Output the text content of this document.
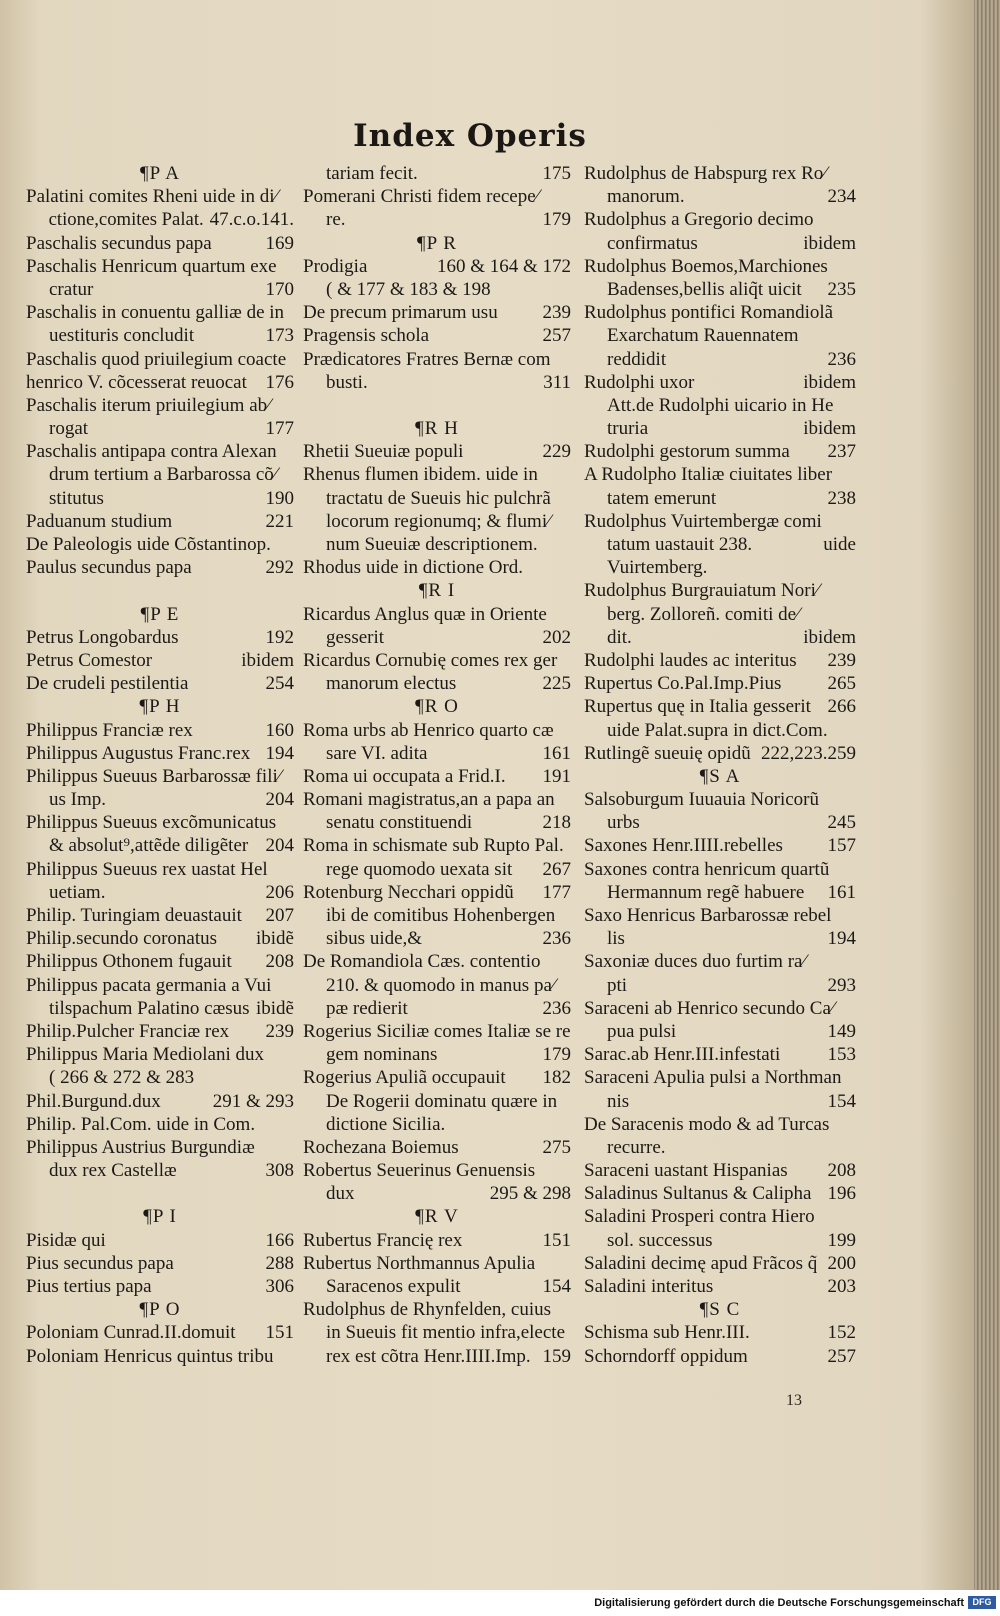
Index Operis
¶P A
Palatini comites Rheni uide in di⁄
ctione,comites Palat. 47.c.o.141.
Paschalis secundus papa	169
Paschalis Henricum quartum exe
cratur	170
Paschalis in conuentu galliæ de in
uestituris concludit	173
Paschalis quod priuilegium coacte
henrico V. cõcesserat reuocat 176
Paschalis iterum priuilegium ab⁄
rogat	177
Paschalis antipapa contra Alexan
drum tertium a Barbarossa cõ⁄
stitutus	190
Paduanum studium	221
De Paleologis uide Cõstantinop.
Paulus secundus papa	292
¶P E
Petrus Longobardus	192
Petrus Comestor	ibidem
De crudeli pestilentia	254
¶P H
Philippus Franciæ rex	160
Philippus Augustus Franc.rex 194
Philippus Sueuus Barbarossæ fili⁄
us Imp.	204
Philippus Sueuus excõmunicatus
& absolut⁹,attẽde diligẽter 204
Philippus Sueuus rex uastat Hel
uetiam.	206
Philip. Turingiam deuastauit 207
Philip.secundo coronatus ibidẽ
Philippus Othonem fugauit 208
Philippus pacata germania a Vui
tilspachum Palatino cæsus ibidẽ
Philip.Pulcher Franciæ rex 239
Philippus Maria Mediolani dux
( 266 & 272 & 283
Phil.Burgund.dux	291 & 293
Philip. Pal.Com. uide in Com.
Philippus Austrius Burgundiæ
dux rex Castellæ	308
¶P I
Pisidæ qui	166
Pius secundus papa	288
Pius tertius papa	306
¶P O
Poloniam Cunrad.II.domuit 151
Poloniam Henricus quintus tribu
tariam fecit.	175
Pomerani Christi fidem recepe⁄
re.	179
¶P R
Prodigia	160 & 164 & 172
( & 177 & 183 & 198
De precum primarum usu 239
Pragensis schola	257
Prædicatores Fratres Bernæ com
busti.	311
¶R H
Rhetii Sueuiæ populi	229
Rhenus flumen ibidem. uide in
tractatu de Sueuis hic pulchrã
locorum regionumq; & flumi⁄
num Sueuiæ descriptionem.
Rhodus uide in dictione Ord.
¶R I
Ricardus Anglus quæ in Oriente
gesserit	202
Ricardus Cornubię comes rex ger
manorum electus	225
¶R O
Roma urbs ab Henrico quarto cæ
sare VI. adita	161
Roma ui occupata a Frid.I. 191
Romani magistratus,an a papa an
senatu constituendi	218
Roma in schismate sub Rupto Pal.
rege quomodo uexata sit 267
Rotenburg Necchari oppidũ 177
ibi de comitibus Hohenbergen
sibus uide,&	236
De Romandiola Cæs. contentio
210. & quomodo in manus pa⁄
pæ redierit	236
Rogerius Siciliæ comes Italiæ se re
gem nominans	179
Rogerius Apuliã occupauit 182
De Rogerii dominatu quære in
dictione Sicilia.
Rochezana Boiemus	275
Robertus Seuerinus Genuensis
dux	295 & 298
¶R V
Rubertus Francię rex	151
Rubertus Northmannus Apulia
Saracenos expulit	154
Rudolphus de Rhynfelden, cuius
in Sueuis fit mentio infra,electe
rex est cõtra Henr.IIII.Imp. 159
Rudolphus de Habspurg rex Ro⁄
manorum.	234
Rudolphus a Gregorio decimo
confirmatus	ibidem
Rudolphus Boemos,Marchiones
Badenses,bellis aliq̃t uicit 235
Rudolphus pontifici Romandiolã
Exarchatum Rauennatem
reddidit	236
Rudolphi uxor	ibidem
Att.de Rudolphi uicario in He
truria	ibidem
Rudolphi gestorum summa 237
A Rudolpho Italiæ ciuitates liber
tatem emerunt	238
Rudolphus Vuirtembergæ comi
tatum uastauit 238.	uide
Vuirtemberg.
Rudolphus Burgrauiatum Nori⁄
berg. Zolloreñ. comiti de⁄
dit.	ibidem
Rudolphi laudes ac interitus 239
Rupertus Co.Pal.Imp.Pius 265
Rupertus quę in Italia gesserit 266
uide Palat.supra in dict.Com.
Rutlingẽ sueuię opidũ 222,223.259
¶S A
Salsoburgum Iuuauia Noricorũ
urbs	245
Saxones Henr.IIII.rebelles 157
Saxones contra henricum quartũ
Hermannum regẽ habuere 161
Saxo Henricus Barbarossæ rebel
lis	194
Saxoniæ duces duo furtim ra⁄
pti	293
Saraceni ab Henrico secundo Ca⁄
pua pulsi	149
Sarac.ab Henr.III.infestati 153
Saraceni Apulia pulsi a Northman
nis	154
De Saracenis modo & ad Turcas
recurre.
Saraceni uastant Hispanias 208
Saladinus Sultanus & Calipha 196
Saladini Prosperi contra Hiero
sol. successus	199
Saladini decimę apud Frãcos q̃ 200
Saladini interitus	203
¶S C
Schisma sub Henr.III.	152
Schorndorff oppidum	257
13
Digitalisierung gefördert durch die Deutsche Forschungsgemeinschaft DFG
